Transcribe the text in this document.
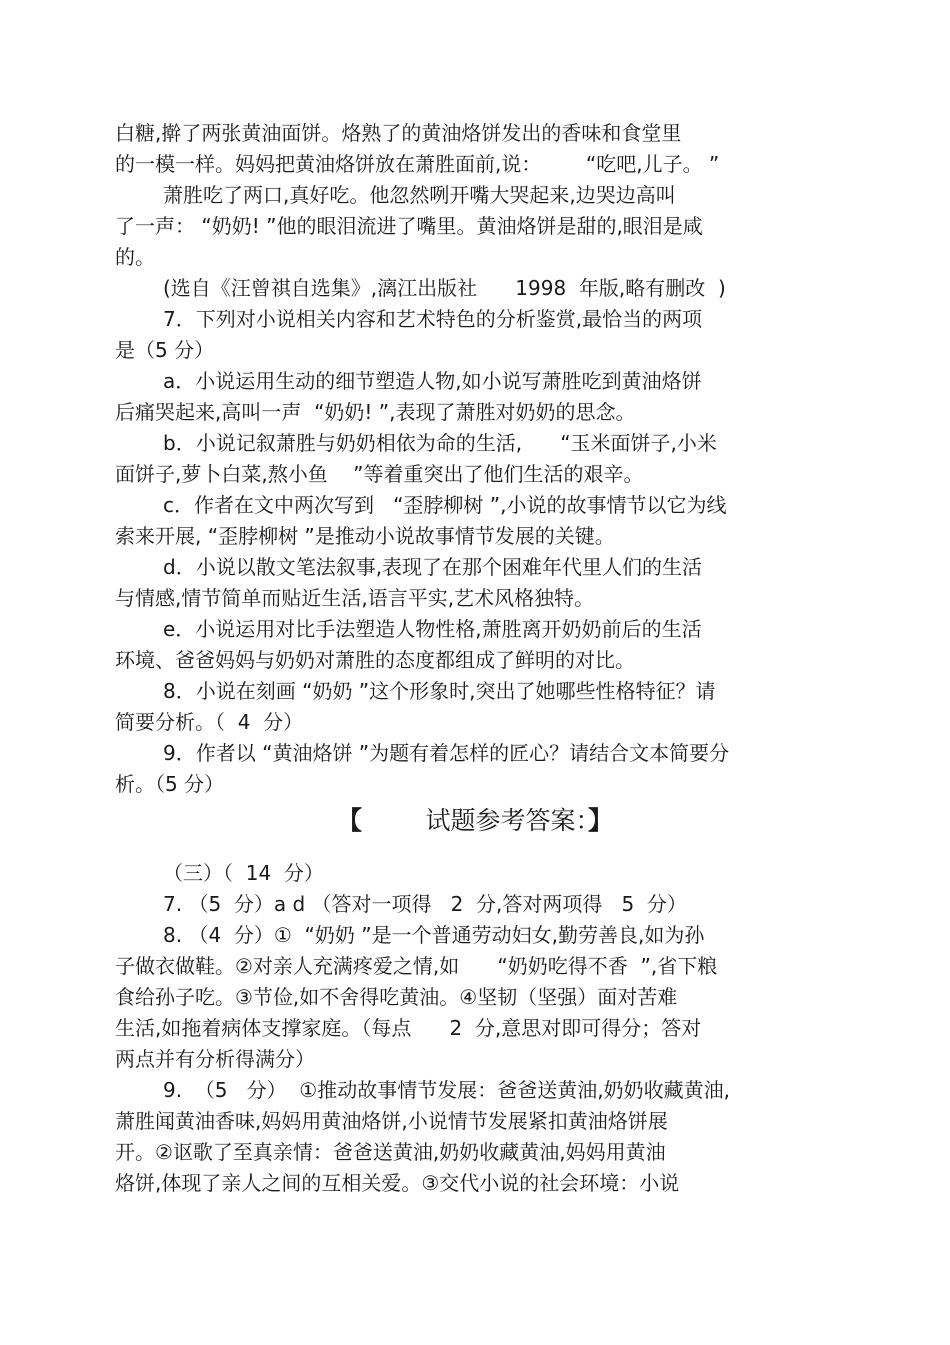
白糖,擀了两张黄油面饼。烙熟了的黄油烙饼发出的香味和食堂里
的一模一样。妈妈把黄油烙饼放在萧胜面前,说：       “吃吧,儿子。 ”
萧胜吃了两口,真好吃。他忽然咧开嘴大哭起来,边哭边高叫
了一声： “奶奶! ”他的眼泪流进了嘴里。黄油烙饼是甜的,眼泪是咸
的。
(选自《汪曾祺自选集》,漓江出版社      1998  年版,略有删改  )
7．下列对小说相关内容和艺术特色的分析鉴赏,最恰当的两项
是（5 分）
a．小说运用生动的细节塑造人物,如小说写萧胜吃到黄油烙饼
后痛哭起来,高叫一声  “奶奶! ”,表现了萧胜对奶奶的思念。
b．小说记叙萧胜与奶奶相依为命的生活,      “玉米面饼子,小米
面饼子,萝卜白菜,熬小鱼    ”等着重突出了他们生活的艰辛。
c．作者在文中两次写到   “歪脖柳树 ”,小说的故事情节以它为线
索来开展, “歪脖柳树 ”是推动小说故事情节发展的关键。
d．小说以散文笔法叙事,表现了在那个困难年代里人们的生活
与情感,情节简单而贴近生活,语言平实,艺术风格独特。
e．小说运用对比手法塑造人物性格,萧胜离开奶奶前后的生活
环境、爸爸妈妈与奶奶对萧胜的态度都组成了鲜明的对比。
8．小说在刻画 “奶奶 ”这个形象时,突出了她哪些性格特征？请
简要分析。（  4  分）
9．作者以 “黄油烙饼 ”为题有着怎样的匠心？请结合文本简要分
析。（5 分）
【        试题参考答案：】
（三）（  14  分）
7. （5  分）a d （答对一项得   2  分,答对两项得   5  分）
8. （4  分）①  “奶奶 ”是一个普通劳动妇女,勤劳善良,如为孙
子做衣做鞋。②对亲人充满疼爱之情,如      “奶奶吃得不香  ”,省下粮
食给孙子吃。③节俭,如不舍得吃黄油。④坚韧（坚强）面对苦难
生活,如拖着病体支撑家庭。（每点      2  分,意思对即可得分；答对
两点并有分析得满分）
9.  （5   分）  ①推动故事情节发展：爸爸送黄油,奶奶收藏黄油,
萧胜闻黄油香味,妈妈用黄油烙饼,小说情节发展紧扣黄油烙饼展
开。②讴歌了至真亲情：爸爸送黄油,奶奶收藏黄油,妈妈用黄油
烙饼,体现了亲人之间的互相关爱。③交代小说的社会环境：小说
